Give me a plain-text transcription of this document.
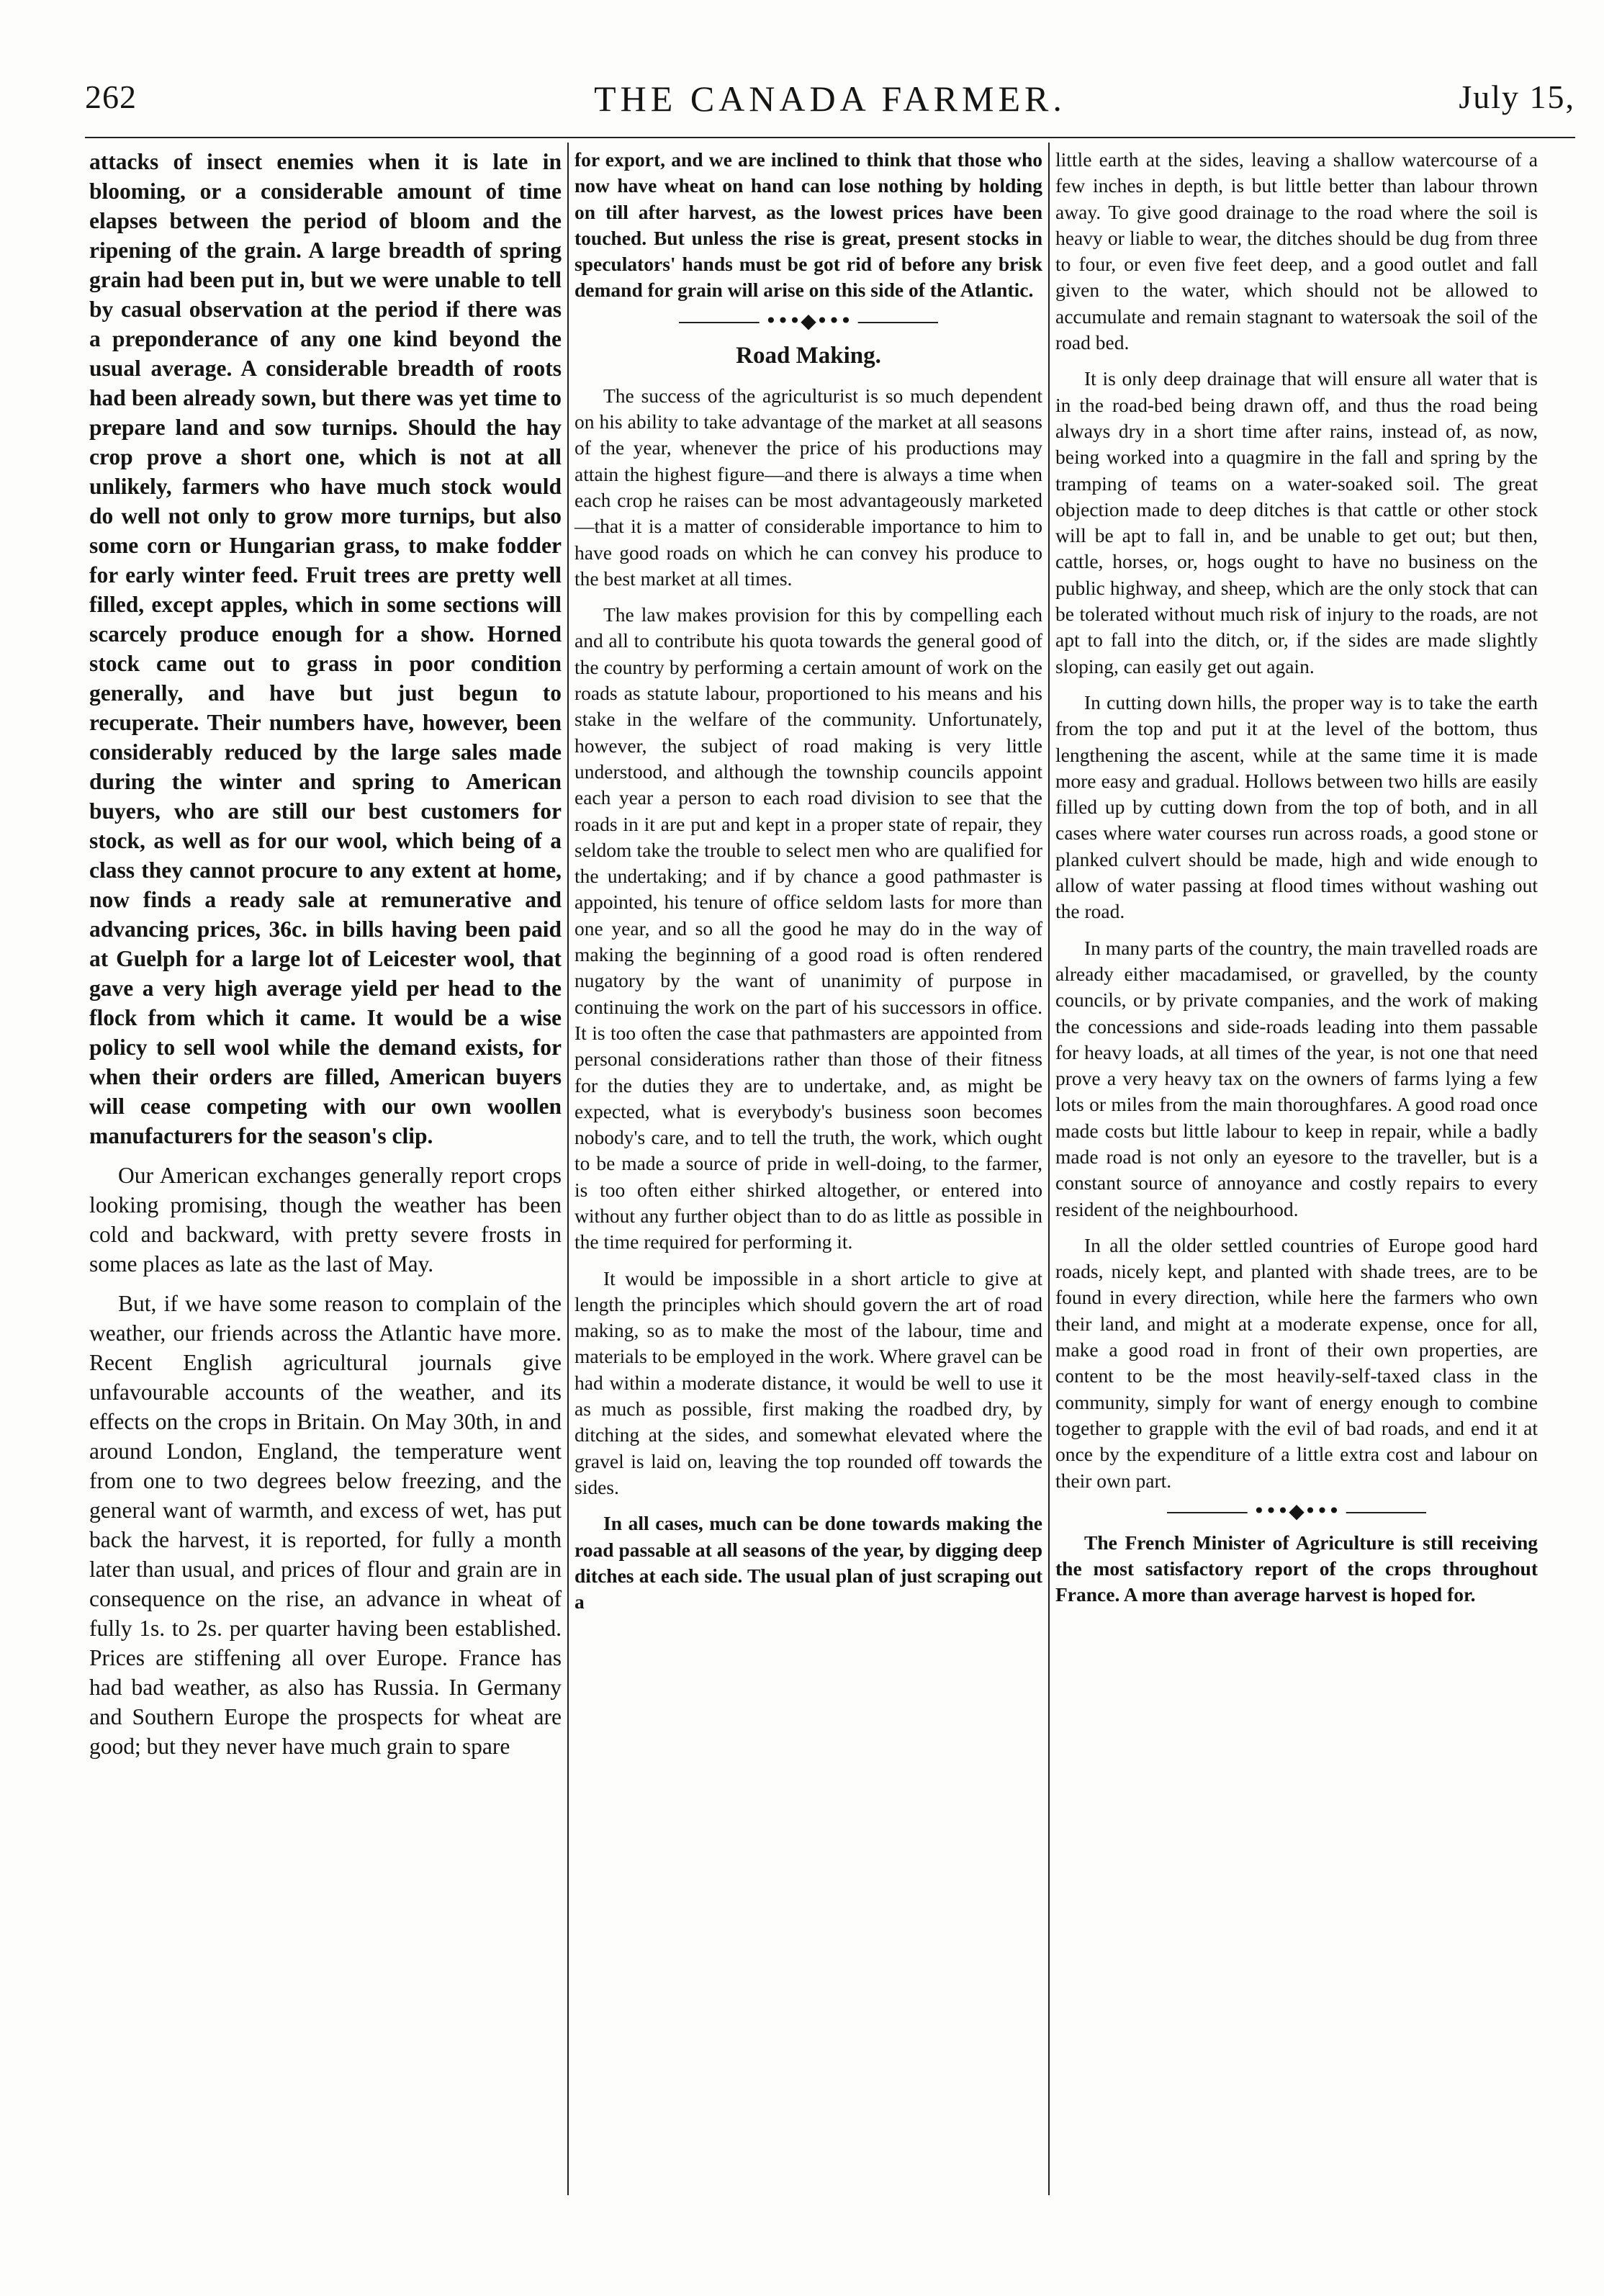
262	THE CANADA FARMER.	July 15,

attacks of insect enemies when it is late in blooming, or a considerable amount of time elapses between the period of bloom and the ripening of the grain. A large breadth of spring grain had been put in, but we were unable to tell by casual observation at the period if there was a preponderance of any one kind beyond the usual average. A considerable breadth of roots had been already sown, but there was yet time to prepare land and sow turnips. Should the hay crop prove a short one, which is not at all unlikely, farmers who have much stock would do well not only to grow more turnips, but also some corn or Hungarian grass, to make fodder for early winter feed. Fruit trees are pretty well filled, except apples, which in some sections will scarcely produce enough for a show. Horned stock came out to grass in poor condition generally, and have but just begun to recuperate. Their numbers have, however, been considerably reduced by the large sales made during the winter and spring to American buyers, who are still our best customers for stock, as well as for our wool, which being of a class they cannot procure to any extent at home, now finds a ready sale at remunerative and advancing prices, 36c. in bills having been paid at Guelph for a large lot of Leicester wool, that gave a very high average yield per head to the flock from which it came. It would be a wise policy to sell wool while the demand exists, for when their orders are filled, American buyers will cease competing with our own woollen manufacturers for the season's clip.

Our American exchanges generally report crops looking promising, though the weather has been cold and backward, with pretty severe frosts in some places as late as the last of May.

But, if we have some reason to complain of the weather, our friends across the Atlantic have more. Recent English agricultural journals give unfavourable accounts of the weather, and its effects on the crops in Britain. On May 30th, in and around London, England, the temperature went from one to two degrees below freezing, and the general want of warmth, and excess of wet, has put back the harvest, it is reported, for fully a month later than usual, and prices of flour and grain are in consequence on the rise, an advance in wheat of fully 1s. to 2s. per quarter having been established. Prices are stiffening all over Europe. France has had bad weather, as also has Russia. In Germany and Southern Europe the prospects for wheat are good; but they never have much grain to spare

for export, and we are inclined to think that those who now have wheat on hand can lose nothing by holding on till after harvest, as the lowest prices have been touched. But unless the rise is great, present stocks in speculators' hands must be got rid of before any brisk demand for grain will arise on this side of the Atlantic.

•••◆•••
Road Making.

The success of the agriculturist is so much dependent on his ability to take advantage of the market at all seasons of the year, whenever the price of his productions may attain the highest figure—and there is always a time when each crop he raises can be most advantageously marketed—that it is a matter of considerable importance to him to have good roads on which he can convey his produce to the best market at all times.

The law makes provision for this by compelling each and all to contribute his quota towards the general good of the country by performing a certain amount of work on the roads as statute labour, proportioned to his means and his stake in the welfare of the community. Unfortunately, however, the subject of road making is very little understood, and although the township councils appoint each year a person to each road division to see that the roads in it are put and kept in a proper state of repair, they seldom take the trouble to select men who are qualified for the undertaking; and if by chance a good pathmaster is appointed, his tenure of office seldom lasts for more than one year, and so all the good he may do in the way of making the beginning of a good road is often rendered nugatory by the want of unanimity of purpose in continuing the work on the part of his successors in office. It is too often the case that pathmasters are appointed from personal considerations rather than those of their fitness for the duties they are to undertake, and, as might be expected, what is everybody's business soon becomes nobody's care, and to tell the truth, the work, which ought to be made a source of pride in well-doing, to the farmer, is too often either shirked altogether, or entered into without any further object than to do as little as possible in the time required for performing it.

It would be impossible in a short article to give at length the principles which should govern the art of road making, so as to make the most of the labour, time and materials to be employed in the work. Where gravel can be had within a moderate distance, it would be well to use it as much as possible, first making the roadbed dry, by ditching at the sides, and somewhat elevated where the gravel is laid on, leaving the top rounded off towards the sides.

In all cases, much can be done towards making the road passable at all seasons of the year, by digging deep ditches at each side. The usual plan of just scraping out a

little earth at the sides, leaving a shallow watercourse of a few inches in depth, is but little better than labour thrown away. To give good drainage to the road where the soil is heavy or liable to wear, the ditches should be dug from three to four, or even five feet deep, and a good outlet and fall given to the water, which should not be allowed to accumulate and remain stagnant to watersoak the soil of the road bed.

It is only deep drainage that will ensure all water that is in the road-bed being drawn off, and thus the road being always dry in a short time after rains, instead of, as now, being worked into a quagmire in the fall and spring by the tramping of teams on a water-soaked soil. The great objection made to deep ditches is that cattle or other stock will be apt to fall in, and be unable to get out; but then, cattle, horses, or, hogs ought to have no business on the public highway, and sheep, which are the only stock that can be tolerated without much risk of injury to the roads, are not apt to fall into the ditch, or, if the sides are made slightly sloping, can easily get out again.

In cutting down hills, the proper way is to take the earth from the top and put it at the level of the bottom, thus lengthening the ascent, while at the same time it is made more easy and gradual. Hollows between two hills are easily filled up by cutting down from the top of both, and in all cases where water courses run across roads, a good stone or planked culvert should be made, high and wide enough to allow of water passing at flood times without washing out the road.

In many parts of the country, the main travelled roads are already either macadamised, or gravelled, by the county councils, or by private companies, and the work of making the concessions and side-roads leading into them passable for heavy loads, at all times of the year, is not one that need prove a very heavy tax on the owners of farms lying a few lots or miles from the main thoroughfares. A good road once made costs but little labour to keep in repair, while a badly made road is not only an eyesore to the traveller, but is a constant source of annoyance and costly repairs to every resident of the neighbourhood.

In all the older settled countries of Europe good hard roads, nicely kept, and planted with shade trees, are to be found in every direction, while here the farmers who own their land, and might at a moderate expense, once for all, make a good road in front of their own properties, are content to be the most heavily-self-taxed class in the community, simply for want of energy enough to combine together to grapple with the evil of bad roads, and end it at once by the expenditure of a little extra cost and labour on their own part.

•••◆•••

The French Minister of Agriculture is still receiving the most satisfactory report of the crops throughout France. A more than average harvest is hoped for.
